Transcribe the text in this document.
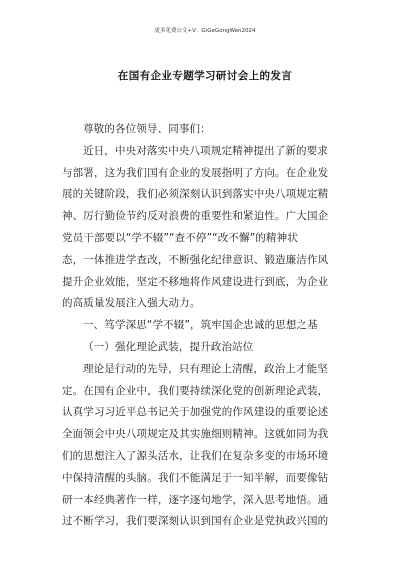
更多免费公文+V：GiGeGongWen2024
在国有企业专题学习研讨会上的发言
尊敬的各位领导、同事们：
近日，中央对落实中央八项规定精神提出了新的要求
与部署，这为我们国有企业的发展指明了方向。在企业发
展的关键阶段，我们必须深刻认识到落实中央八项规定精
神、厉行勤俭节约反对浪费的重要性和紧迫性。广大国企
党员干部要以“学不辍”“查不停”“改不懈”的精神状
态，一体推进学查改，不断强化纪律意识、锻造廉洁作风
提升企业效能，坚定不移地将作风建设进行到底，为企业
的高质量发展注入强大动力。
一、笃学深思“学不辍”，筑牢国企忠诚的思想之基
（一）强化理论武装，提升政治站位
理论是行动的先导，只有理论上清醒，政治上才能坚
定。在国有企业中，我们要持续深化党的创新理论武装，
认真学习习近平总书记关于加强党的作风建设的重要论述
全面领会中央八项规定及其实施细则精神。这就如同为我
们的思想注入了源头活水，让我们在复杂多变的市场环境
中保持清醒的头脑。我们不能满足于一知半解，而要像钻
研一本经典著作一样，逐字逐句地学，深入思考地悟。通
过不断学习，我们要深刻认识到国有企业是党执政兴国的
